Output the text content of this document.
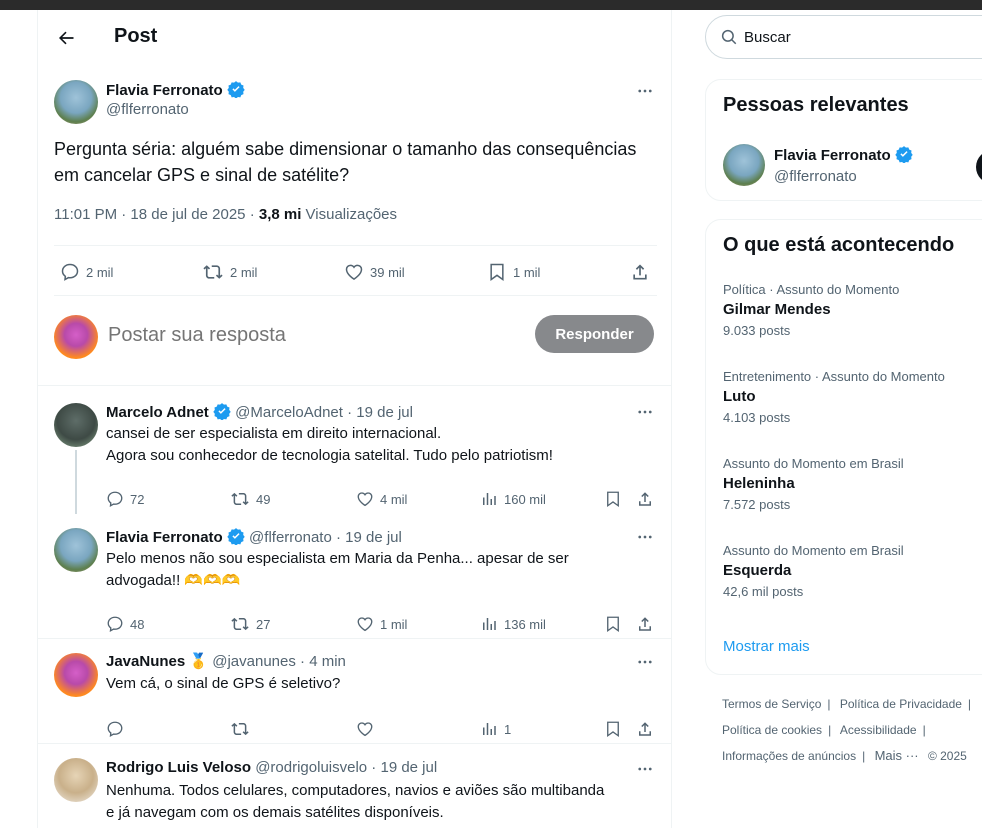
Post
Flavia Ferronato
@flferronato
Pergunta séria: alguém sabe dimensionar o tamanho das consequências
em cancelar GPS e sinal de satélite?
11:01 PM · 18 de jul de 2025 · 3,8 mi Visualizações
2 mil	2 mil	39 mil	1 mil
Postar sua resposta
Responder
Marcelo Adnet @MarceloAdnet · 19 de jul
cansei de ser especialista em direito internacional.
Agora sou conhecedor de tecnologia satelital. Tudo pelo patriotism!
72	49	4 mil	160 mil
Flavia Ferronato @flferronato · 19 de jul
Pelo menos não sou especialista em Maria da Penha... apesar de ser
advogada!! 🫶🫶🫶
48	27	1 mil	136 mil
JavaNunes 🥇 @javanunes · 4 min
Vem cá, o sinal de GPS é seletivo?
1
Rodrigo Luis Veloso @rodrigoluisvelo · 19 de jul
Nenhuma. Todos celulares, computadores, navios e aviões são multibanda
e já navegam com os demais satélites disponíveis.
Buscar
Pessoas relevantes
Flavia Ferronato
@flferronato
O que está acontecendo
Política · Assunto do Momento
Gilmar Mendes
9.033 posts
Entretenimento · Assunto do Momento
Luto
4.103 posts
Assunto do Momento em Brasil
Heleninha
7.572 posts
Assunto do Momento em Brasil
Esquerda
42,6 mil posts
Mostrar mais
Termos de Serviço | Política de Privacidade |
Política de cookies | Acessibilidade |
Informações de anúncios | Mais ··· © 2025
